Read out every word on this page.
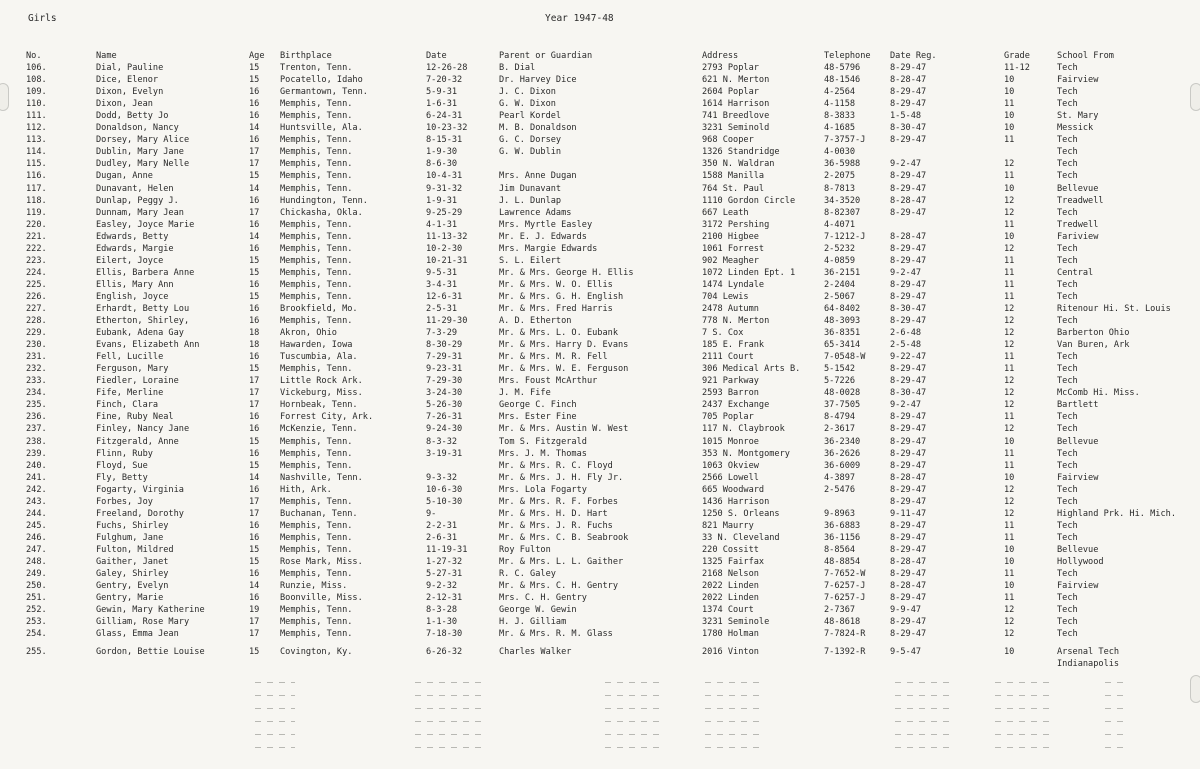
Girls	Year 1947-48
No.	Name	Age	Birthplace	Date	Parent or Guardian	Address	Telephone	Date Reg.	Grade	School From
106.	Dial, Pauline	15	Trenton, Tenn.	12-26-28	B. Dial	2793 Poplar	48-5796	8-29-47	11-12	Tech
108.	Dice, Elenor	15	Pocatello, Idaho	7-20-32	Dr. Harvey Dice	621 N. Merton	48-1546	8-28-47	10	Fairview
109.	Dixon, Evelyn	16	Germantown, Tenn.	5-9-31	J. C. Dixon	2604 Poplar	4-2564	8-29-47	10	Tech
110.	Dixon, Jean	16	Memphis, Tenn.	1-6-31	G. W. Dixon	1614 Harrison	4-1158	8-29-47	11	Tech
111.	Dodd, Betty Jo	16	Memphis, Tenn.	6-24-31	Pearl Kordel	741 Breedlove	8-3833	1-5-48	10	St. Mary
112.	Donaldson, Nancy	14	Huntsville, Ala.	10-23-32	M. B. Donaldson	3231 Seminold	4-1685	8-30-47	10	Messick
113.	Dorsey, Mary Alice	16	Memphis, Tenn.	8-15-31	G. C. Dorsey	968 Cooper	7-3757-J	8-29-47	11	Tech
114.	Dublin, Mary Jane	17	Memphis, Tenn.	1-9-30	G. W. Dublin	1326 Standridge	4-0030			Tech
115.	Dudley, Mary Nelle	17	Memphis, Tenn.	8-6-30		350 N. Waldran	36-5988	9-2-47	12	Tech
116.	Dugan, Anne	15	Memphis, Tenn.	10-4-31	Mrs. Anne Dugan	1588 Manilla	2-2075	8-29-47	11	Tech
117.	Dunavant, Helen	14	Memphis, Tenn.	9-31-32	Jim Dunavant	764 St. Paul	8-7813	8-29-47	10	Bellevue
118.	Dunlap, Peggy J.	16	Hundington, Tenn.	1-9-31	J. L. Dunlap	1110 Gordon Circle	34-3520	8-28-47	12	Treadwell
119.	Dunnam, Mary Jean	17	Chickasha, Okla.	9-25-29	Lawrence Adams	667 Leath	8-82307	8-29-47	12	Tech
220.	Easley, Joyce Marie	16	Memphis, Tenn.	4-1-31	Mrs. Myrtle Easley	3172 Pershing	4-4071		11	Tredwell
221.	Edwards, Betty	14	Memphis, Tenn.	11-13-32	Mr. E. J. Edwards	2100 Higbee	7-1212-J	8-28-47	10	Fariview
222.	Edwards, Margie	16	Memphis, Tenn.	10-2-30	Mrs. Margie Edwards	1061 Forrest	2-5232	8-29-47	12	Tech
223.	Eilert, Joyce	15	Memphis, Tenn.	10-21-31	S. L. Eilert	902 Meagher	4-0859	8-29-47	11	Tech
224.	Ellis, Barbera Anne	15	Memphis, Tenn.	9-5-31	Mr. & Mrs. George H. Ellis	1072 Linden Ept. 1	36-2151	9-2-47	11	Central
225.	Ellis, Mary Ann	16	Memphis, Tenn.	3-4-31	Mr. & Mrs. W. O. Ellis	1474 Lyndale	2-2404	8-29-47	11	Tech
226.	English, Joyce	15	Memphis, Tenn.	12-6-31	Mr. & Mrs. G. H. English	704 Lewis	2-5067	8-29-47	11	Tech
227.	Erhardt, Betty Lou	16	Brookfield, Mo.	2-5-31	Mr. & Mrs. Fred Harris	2478 Autumn	64-8402	8-30-47	12	Ritenour Hi. St. Louis
228.	Etherton, Shirley,	16	Memphis, Tenn.	11-29-30	A. D. Etherton	778 N. Merton	48-3093	8-29-47	12	Tech
229.	Eubank, Adena Gay	18	Akron, Ohio	7-3-29	Mr. & Mrs. L. O. Eubank	7 S. Cox	36-8351	2-6-48	12	Barberton Ohio
230.	Evans, Elizabeth Ann	18	Hawarden, Iowa	8-30-29	Mr. & Mrs. Harry D. Evans	185 E. Frank	65-3414	2-5-48	12	Van Buren, Ark
231.	Fell, Lucille	16	Tuscumbia, Ala.	7-29-31	Mr. & Mrs. M. R. Fell	2111 Court	7-0548-W	9-22-47	11	Tech
232.	Ferguson, Mary	15	Memphis, Tenn.	9-23-31	Mr. & Mrs. W. E. Ferguson	306 Medical Arts B.	5-1542	8-29-47	11	Tech
233.	Fiedler, Loraine	17	Little Rock Ark.	7-29-30	Mrs. Foust McArthur	921 Parkway	5-7226	8-29-47	12	Tech
234.	Fife, Merline	17	Vickeburg, Miss.	3-24-30	J. M. Fife	2593 Barron	48-0028	8-30-47	12	McComb Hi. Miss.
235.	Finch, Clara	17	Hornbeak, Tenn.	5-26-30	George C. Finch	2437 Exchange	37-7505	9-2-47	12	Bartlett
236.	Fine, Ruby Neal	16	Forrest City, Ark.	7-26-31	Mrs. Ester Fine	705 Poplar	8-4794	8-29-47	11	Tech
237.	Finley, Nancy Jane	16	McKenzie, Tenn.	9-24-30	Mr. & Mrs. Austin W. West	117 N. Claybrook	2-3617	8-29-47	12	Tech
238.	Fitzgerald, Anne	15	Memphis, Tenn.	8-3-32	Tom S. Fitzgerald	1015 Monroe	36-2340	8-29-47	10	Bellevue
239.	Flinn, Ruby	16	Memphis, Tenn.	3-19-31	Mrs. J. M. Thomas	353 N. Montgomery	36-2626	8-29-47	11	Tech
240.	Floyd, Sue	15	Memphis, Tenn.		Mr. & Mrs. R. C. Floyd	1063 Okview	36-6009	8-29-47	11	Tech
241.	Fly, Betty	14	Nashville, Tenn.	9-3-32	Mr. & Mrs. J. H. Fly Jr.	2566 Lowell	4-3897	8-28-47	10	Fairview
242.	Fogarty, Virginia	16	Hith, Ark.	10-6-30	Mrs. Lola Fogarty	665 Woodward	2-5476	8-29-47	12	Tech
243.	Forbes, Joy	17	Memphis, Tenn.	5-10-30	Mr. & Mrs. R. F. Forbes	1436 Harrison		8-29-47	12	Tech
244.	Freeland, Dorothy	17	Buchanan, Tenn.	9-	Mr. & Mrs. H. D. Hart	1250 S. Orleans	9-8963	9-11-47	12	Highland Prk. Hi. Mich.
245.	Fuchs, Shirley	16	Memphis, Tenn.	2-2-31	Mr. & Mrs. J. R. Fuchs	821 Maurry	36-6883	8-29-47	11	Tech
246.	Fulghum, Jane	16	Memphis, Tenn.	2-6-31	Mr. & Mrs. C. B. Seabrook	33 N. Cleveland	36-1156	8-29-47	11	Tech
247.	Fulton, Mildred	15	Memphis, Tenn.	11-19-31	Roy Fulton	220 Cossitt	8-8564	8-29-47	10	Bellevue
248.	Gaither, Janet	15	Rose Mark, Miss.	1-27-32	Mr. & Mrs. L. L. Gaither	1325 Fairfax	48-8854	8-28-47	10	Hollywood
249.	Galey, Shirley	16	Memphis, Tenn.	5-27-31	R. C. Galey	2168 Nelson	7-7652-W	8-29-47	11	Tech
250.	Gentry, Evelyn	14	Runzie, Miss.	9-2-32	Mr. & Mrs. C. H. Gentry	2022 Linden	7-6257-J	8-28-47	10	Fairview
251.	Gentry, Marie	16	Boonville, Miss.	2-12-31	Mrs. C. H. Gentry	2022 Linden	7-6257-J	8-29-47	11	Tech
252.	Gewin, Mary Katherine	19	Memphis, Tenn.	8-3-28	George W. Gewin	1374 Court	2-7367	9-9-47	12	Tech
253.	Gilliam, Rose Mary	17	Memphis, Tenn.	1-1-30	H. J. Gilliam	3231 Seminole	48-8618	8-29-47	12	Tech
254.	Glass, Emma Jean	17	Memphis, Tenn.	7-18-30	Mr. & Mrs. R. M. Glass	1780 Holman	7-7824-R	8-29-47	12	Tech
255.	Gordon, Bettie Louise	15	Covington, Ky.	6-26-32	Charles Walker	2016 Vinton	7-1392-R	9-5-47	10	Arsenal Tech
										Indianapolis
